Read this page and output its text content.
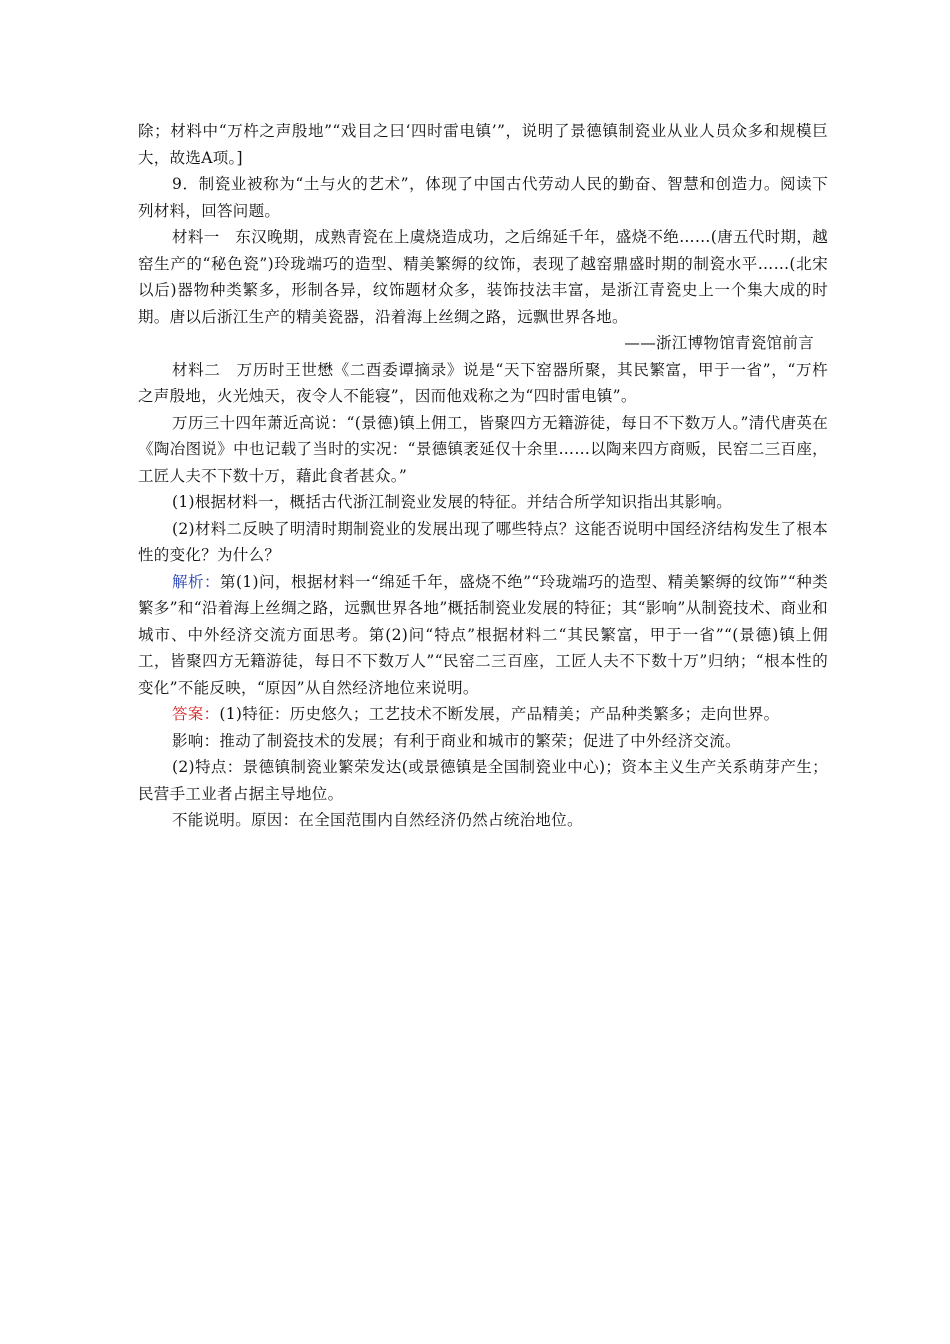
除；材料中“万杵之声殷地”“戏目之曰‘四时雷电镇’”，说明了景德镇制瓷业从业人员众多和规模巨大，故选A项。]

9．制瓷业被称为“土与火的艺术”，体现了中国古代劳动人民的勤奋、智慧和创造力。阅读下列材料，回答问题。

材料一　东汉晚期，成熟青瓷在上虞烧造成功，之后绵延千年，盛烧不绝……(唐五代时期，越窑生产的“秘色瓷”)玲珑端巧的造型、精美繁缛的纹饰，表现了越窑鼎盛时期的制瓷水平……(北宋以后)器物种类繁多，形制各异，纹饰题材众多，装饰技法丰富，是浙江青瓷史上一个集大成的时期。唐以后浙江生产的精美瓷器，沿着海上丝绸之路，远飘世界各地。

——浙江博物馆青瓷馆前言

材料二　万历时王世懋《二酉委谭摘录》说是“天下窑器所聚，其民繁富，甲于一省”，“万杵之声殷地，火光烛天，夜令人不能寝”，因而他戏称之为“四时雷电镇”。

万历三十四年萧近高说：“(景德)镇上佣工，皆聚四方无籍游徒，每日不下数万人。”清代唐英在《陶冶图说》中也记载了当时的实况：“景德镇袤延仅十余里……以陶来四方商贩，民窑二三百座，工匠人夫不下数十万，藉此食者甚众。”

(1)根据材料一，概括古代浙江制瓷业发展的特征。并结合所学知识指出其影响。

(2)材料二反映了明清时期制瓷业的发展出现了哪些特点？这能否说明中国经济结构发生了根本性的变化？为什么？

解析：第(1)问，根据材料一“绵延千年，盛烧不绝”“玲珑端巧的造型、精美繁缛的纹饰”“种类繁多”和“沿着海上丝绸之路，远飘世界各地”概括制瓷业发展的特征；其“影响”从制瓷技术、商业和城市、中外经济交流方面思考。第(2)问“特点”根据材料二“其民繁富，甲于一省”“(景德)镇上佣工，皆聚四方无籍游徒，每日不下数万人”“民窑二三百座，工匠人夫不下数十万”归纳；“根本性的变化”不能反映，“原因”从自然经济地位来说明。

答案：(1)特征：历史悠久；工艺技术不断发展，产品精美；产品种类繁多；走向世界。

影响：推动了制瓷技术的发展；有利于商业和城市的繁荣；促进了中外经济交流。

(2)特点：景德镇制瓷业繁荣发达(或景德镇是全国制瓷业中心)；资本主义生产关系萌芽产生；民营手工业者占据主导地位。

不能说明。原因：在全国范围内自然经济仍然占统治地位。
